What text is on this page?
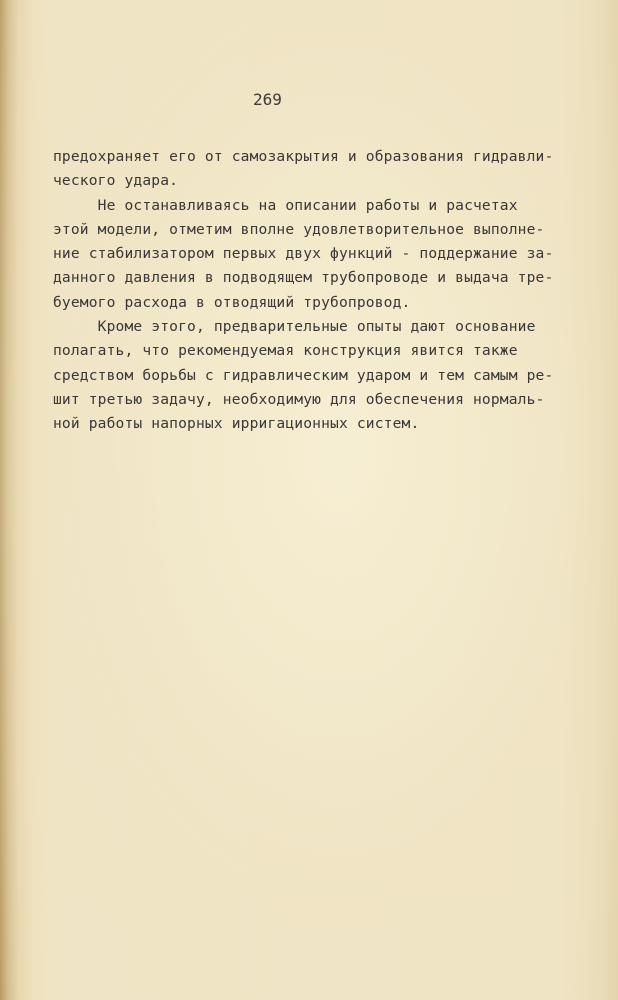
269
предохраняет его от самозакрытия и образования гидравли-
ческого удара.
Не останавливаясь на описании работы и расчетах
этой модели, отметим вполне удовлетворительное выполне-
ние стабилизатором первых двух функций - поддержание за-
данного давления в подводящем трубопроводе и выдача тре-
буемого расхода в отводящий трубопровод.
Кроме этого, предварительные опыты дают основание
полагать, что рекомендуемая конструкция явится также
средством борьбы с гидравлическим ударом и тем самым ре-
шит третью задачу, необходимую для обеспечения нормаль-
ной работы напорных ирригационных систем.
